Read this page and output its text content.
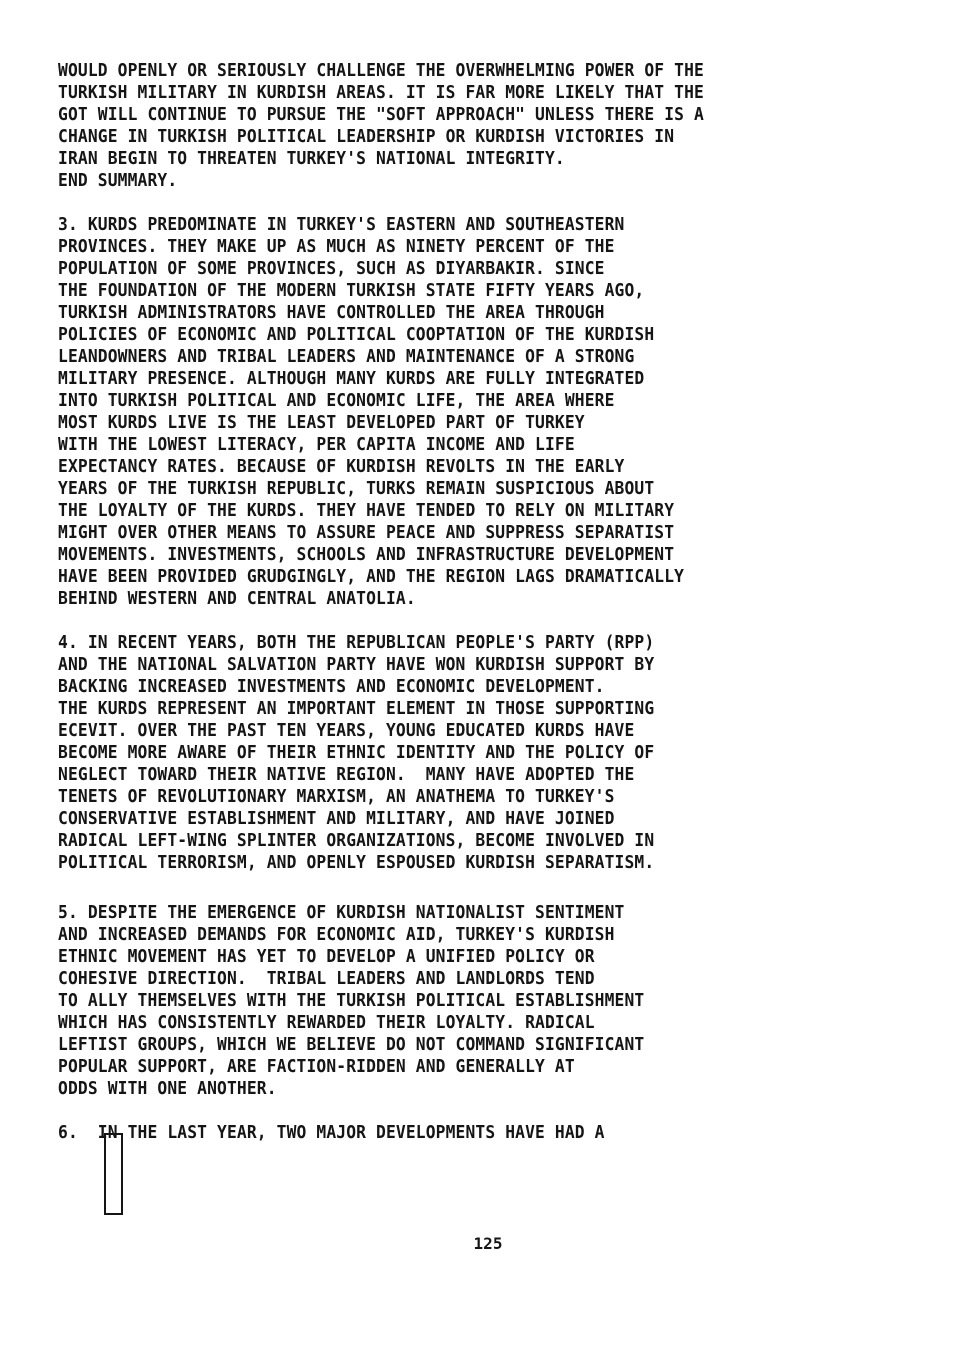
WOULD OPENLY OR SERIOUSLY CHALLENGE THE OVERWHELMING POWER OF THE
TURKISH MILITARY IN KURDISH AREAS. IT IS FAR MORE LIKELY THAT THE
GOT WILL CONTINUE TO PURSUE THE "SOFT APPROACH" UNLESS THERE IS A
CHANGE IN TURKISH POLITICAL LEADERSHIP OR KURDISH VICTORIES IN
IRAN BEGIN TO THREATEN TURKEY'S NATIONAL INTEGRITY.
END SUMMARY.
3. KURDS PREDOMINATE IN TURKEY'S EASTERN AND SOUTHEASTERN
PROVINCES. THEY MAKE UP AS MUCH AS NINETY PERCENT OF THE
POPULATION OF SOME PROVINCES, SUCH AS DIYARBAKIR. SINCE
THE FOUNDATION OF THE MODERN TURKISH STATE FIFTY YEARS AGO,
TURKISH ADMINISTRATORS HAVE CONTROLLED THE AREA THROUGH
POLICIES OF ECONOMIC AND POLITICAL COOPTATION OF THE KURDISH
LEANDOWNERS AND TRIBAL LEADERS AND MAINTENANCE OF A STRONG
MILITARY PRESENCE. ALTHOUGH MANY KURDS ARE FULLY INTEGRATED
INTO TURKISH POLITICAL AND ECONOMIC LIFE, THE AREA WHERE
MOST KURDS LIVE IS THE LEAST DEVELOPED PART OF TURKEY
WITH THE LOWEST LITERACY, PER CAPITA INCOME AND LIFE
EXPECTANCY RATES. BECAUSE OF KURDISH REVOLTS IN THE EARLY
YEARS OF THE TURKISH REPUBLIC, TURKS REMAIN SUSPICIOUS ABOUT
THE LOYALTY OF THE KURDS. THEY HAVE TENDED TO RELY ON MILITARY
MIGHT OVER OTHER MEANS TO ASSURE PEACE AND SUPPRESS SEPARATIST
MOVEMENTS. INVESTMENTS, SCHOOLS AND INFRASTRUCTURE DEVELOPMENT
HAVE BEEN PROVIDED GRUDGINGLY, AND THE REGION LAGS DRAMATICALLY
BEHIND WESTERN AND CENTRAL ANATOLIA.
4. IN RECENT YEARS, BOTH THE REPUBLICAN PEOPLE'S PARTY (RPP)
AND THE NATIONAL SALVATION PARTY HAVE WON KURDISH SUPPORT BY
BACKING INCREASED INVESTMENTS AND ECONOMIC DEVELOPMENT.
THE KURDS REPRESENT AN IMPORTANT ELEMENT IN THOSE SUPPORTING
ECEVIT. OVER THE PAST TEN YEARS, YOUNG EDUCATED KURDS HAVE
BECOME MORE AWARE OF THEIR ETHNIC IDENTITY AND THE POLICY OF
NEGLECT TOWARD THEIR NATIVE REGION.  MANY HAVE ADOPTED THE
TENETS OF REVOLUTIONARY MARXISM, AN ANATHEMA TO TURKEY'S
CONSERVATIVE ESTABLISHMENT AND MILITARY, AND HAVE JOINED
RADICAL LEFT-WING SPLINTER ORGANIZATIONS, BECOME INVOLVED IN
POLITICAL TERRORISM, AND OPENLY ESPOUSED KURDISH SEPARATISM.
5. DESPITE THE EMERGENCE OF KURDISH NATIONALIST SENTIMENT
AND INCREASED DEMANDS FOR ECONOMIC AID, TURKEY'S KURDISH
ETHNIC MOVEMENT HAS YET TO DEVELOP A UNIFIED POLICY OR
COHESIVE DIRECTION.  TRIBAL LEADERS AND LANDLORDS TEND
TO ALLY THEMSELVES WITH THE TURKISH POLITICAL ESTABLISHMENT
WHICH HAS CONSISTENTLY REWARDED THEIR LOYALTY. RADICAL
LEFTIST GROUPS, WHICH WE BELIEVE DO NOT COMMAND SIGNIFICANT
POPULAR SUPPORT, ARE FACTION-RIDDEN AND GENERALLY AT
ODDS WITH ONE ANOTHER.
6.  IN THE LAST YEAR, TWO MAJOR DEVELOPMENTS HAVE HAD A
125
